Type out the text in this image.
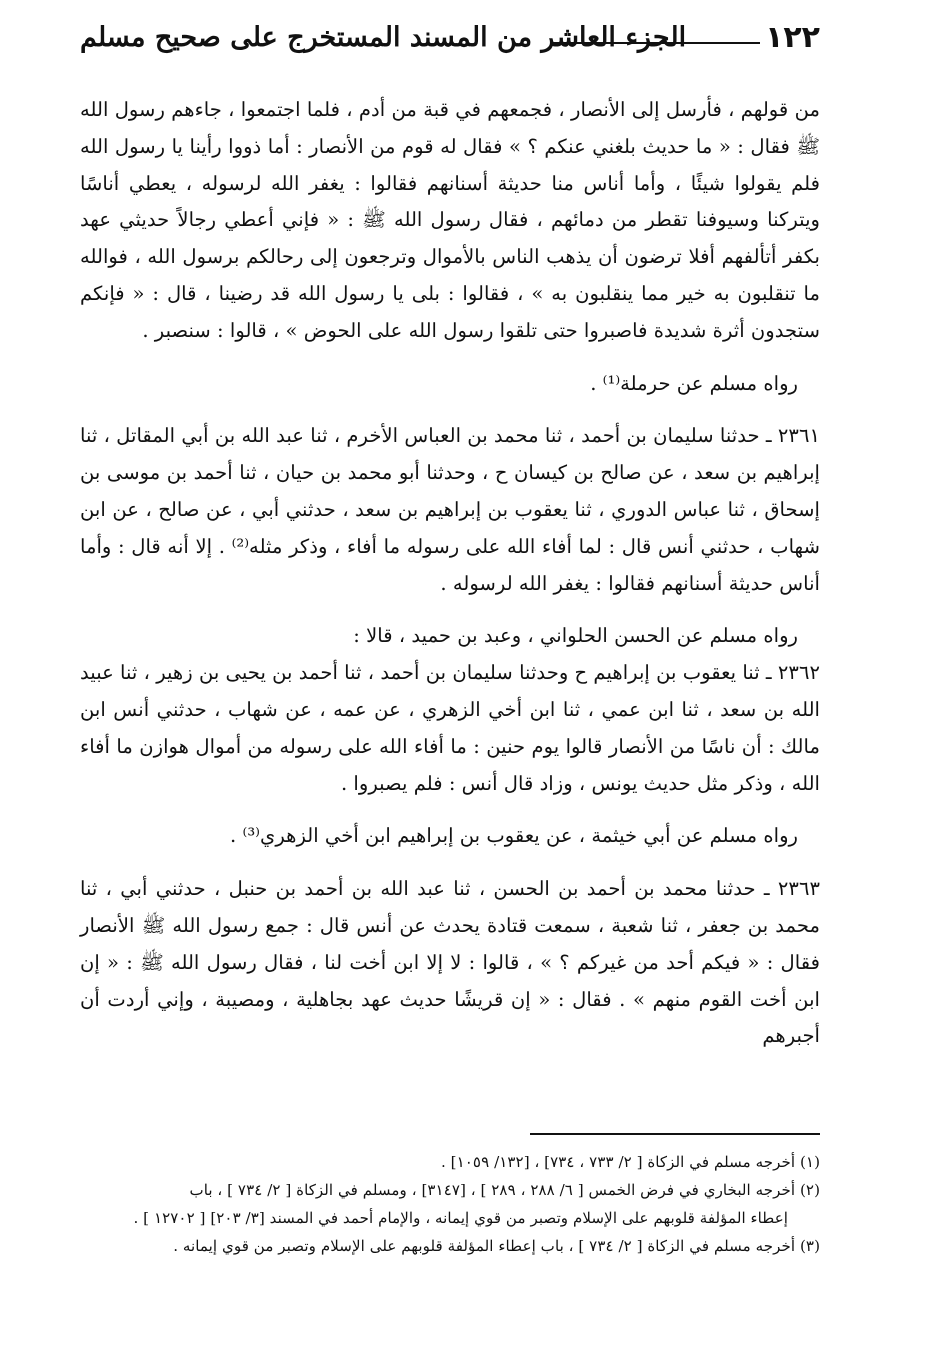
١٢٢
الجزء العاشر من المسند المستخرج على صحيح مسلم

من قولهم ، فأرسل إلى الأنصار ، فجمعهم في قبة من أدم ، فلما اجتمعوا ، جاءهم رسول الله ﷺ فقال : « ما حديث بلغني عنكم ؟ » فقال له قوم من الأنصار : أما ذووا رأينا يا رسول الله فلم يقولوا شيئًا ، وأما أناس منا حديثة أسنانهم فقالوا : يغفر الله لرسوله ، يعطي أناسًا ويتركنا وسيوفنا تقطر من دمائهم ، فقال رسول الله ﷺ : « فإني أعطي رجالاً حديثي عهد بكفر أتألفهم أفلا ترضون أن يذهب الناس بالأموال وترجعون إلى رحالكم برسول الله ، فوالله ما تنقلبون به خير مما ينقلبون به » ، فقالوا : بلى يا رسول الله قد رضينا ، قال : « فإنكم ستجدون أثرة شديدة فاصبروا حتى تلقوا رسول الله على الحوض » ، قالوا : سنصبر .

رواه مسلم عن حرملة⁽¹⁾ .

٢٣٦١ ـ حدثنا سليمان بن أحمد ، ثنا محمد بن العباس الأخرم ، ثنا عبد الله بن أبي المقاتل ، ثنا إبراهيم بن سعد ، عن صالح بن كيسان ح ، وحدثنا أبو محمد بن حيان ، ثنا أحمد بن موسى بن إسحاق ، ثنا عباس الدوري ، ثنا يعقوب بن إبراهيم بن سعد ، حدثني أبي ، عن صالح ، عن ابن شهاب ، حدثني أنس قال : لما أفاء الله على رسوله ما أفاء ، وذكر مثله⁽²⁾ . إلا أنه قال : وأما أناس حديثة أسنانهم فقالوا : يغفر الله لرسوله .

رواه مسلم عن الحسن الحلواني ، وعبد بن حميد ، قالا :

٢٣٦٢ ـ ثنا يعقوب بن إبراهيم ح وحدثنا سليمان بن أحمد ، ثنا أحمد بن يحيى بن زهير ، ثنا عبيد الله بن سعد ، ثنا ابن عمي ، ثنا ابن أخي الزهري ، عن عمه ، عن شهاب ، حدثني أنس ابن مالك : أن ناسًا من الأنصار قالوا يوم حنين : ما أفاء الله على رسوله من أموال هوازن ما أفاء الله ، وذكر مثل حديث يونس ، وزاد قال أنس : فلم يصبروا .

رواه مسلم عن أبي خيثمة ، عن يعقوب بن إبراهيم ابن أخي الزهري⁽³⁾ .

٢٣٦٣ ـ حدثنا محمد بن أحمد بن الحسن ، ثنا عبد الله بن أحمد بن حنبل ، حدثني أبي ، ثنا محمد بن جعفر ، ثنا شعبة ، سمعت قتادة يحدث عن أنس قال : جمع رسول الله ﷺ الأنصار فقال : « فيكم أحد من غيركم ؟ » ، قالوا : لا إلا ابن أخت لنا ، فقال رسول الله ﷺ : « إن ابن أخت القوم منهم » . فقال : « إن قريشًا حديث عهد بجاهلية ، ومصيبة ، وإني أردت أن أجبرهم

(١) أخرجه مسلم في الزكاة [ ٢/ ٧٣٣ ، ٧٣٤] ، [١٣٢/ ١٠٥٩] .

(٢) أخرجه البخاري في فرض الخمس [ ٦/ ٢٨٨ ، ٢٨٩ ] ، [٣١٤٧] ، ومسلم في الزكاة [ ٢/ ٧٣٤ ] ، باب

إعطاء المؤلفة قلوبهم على الإسلام وتصبر من قوي إيمانه ، والإمام أحمد في المسند [٣/ ٢٠٣] [ ١٢٧٠٢ ] .

(٣) أخرجه مسلم في الزكاة [ ٢/ ٧٣٤ ] ، باب إعطاء المؤلفة قلوبهم على الإسلام وتصبر من قوي إيمانه .
